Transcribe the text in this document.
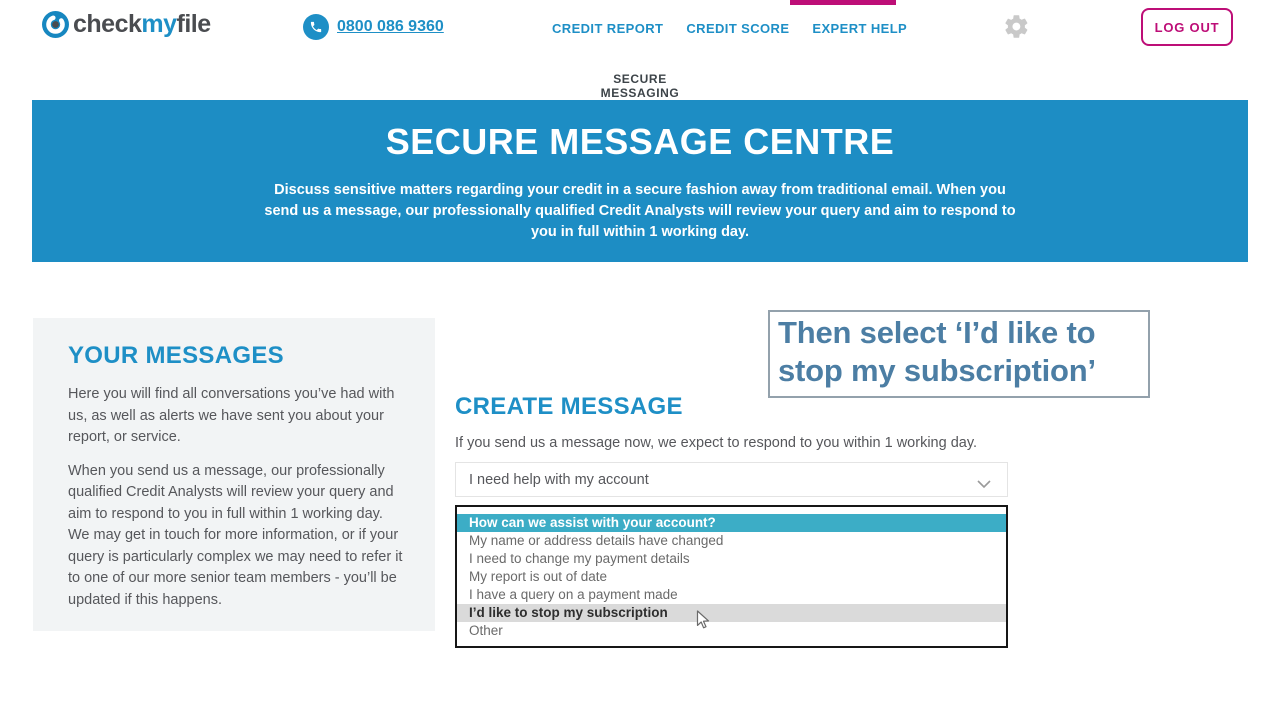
checkmyfile	0800 086 9360	CREDIT REPORT CREDIT SCORE EXPERT HELP	LOG OUT
SECURE MESSAGING
SECURE MESSAGE CENTRE

Discuss sensitive matters regarding your credit in a secure fashion away from traditional email. When you send us a message, our professionally qualified Credit Analysts will review your query and aim to respond to you in full within 1 working day.

YOUR MESSAGES

Here you will find all conversations you’ve had with us, as well as alerts we have sent you about your report, or service.

When you send us a message, our professionally qualified Credit Analysts will review your query and aim to respond to you in full within 1 working day. We may get in touch for more information, or if your query is particularly complex we may need to refer it to one of our more senior team members - you’ll be updated if this happens.

CREATE MESSAGE

If you send us a message now, we expect to respond to you within 1 working day.

I need help with my account
How can we assist with your account?
My name or address details have changed
I need to change my payment details
My report is out of date
I have a query on a payment made
I’d like to stop my subscription
Other
Then select ‘I’d like to
stop my subscription’
